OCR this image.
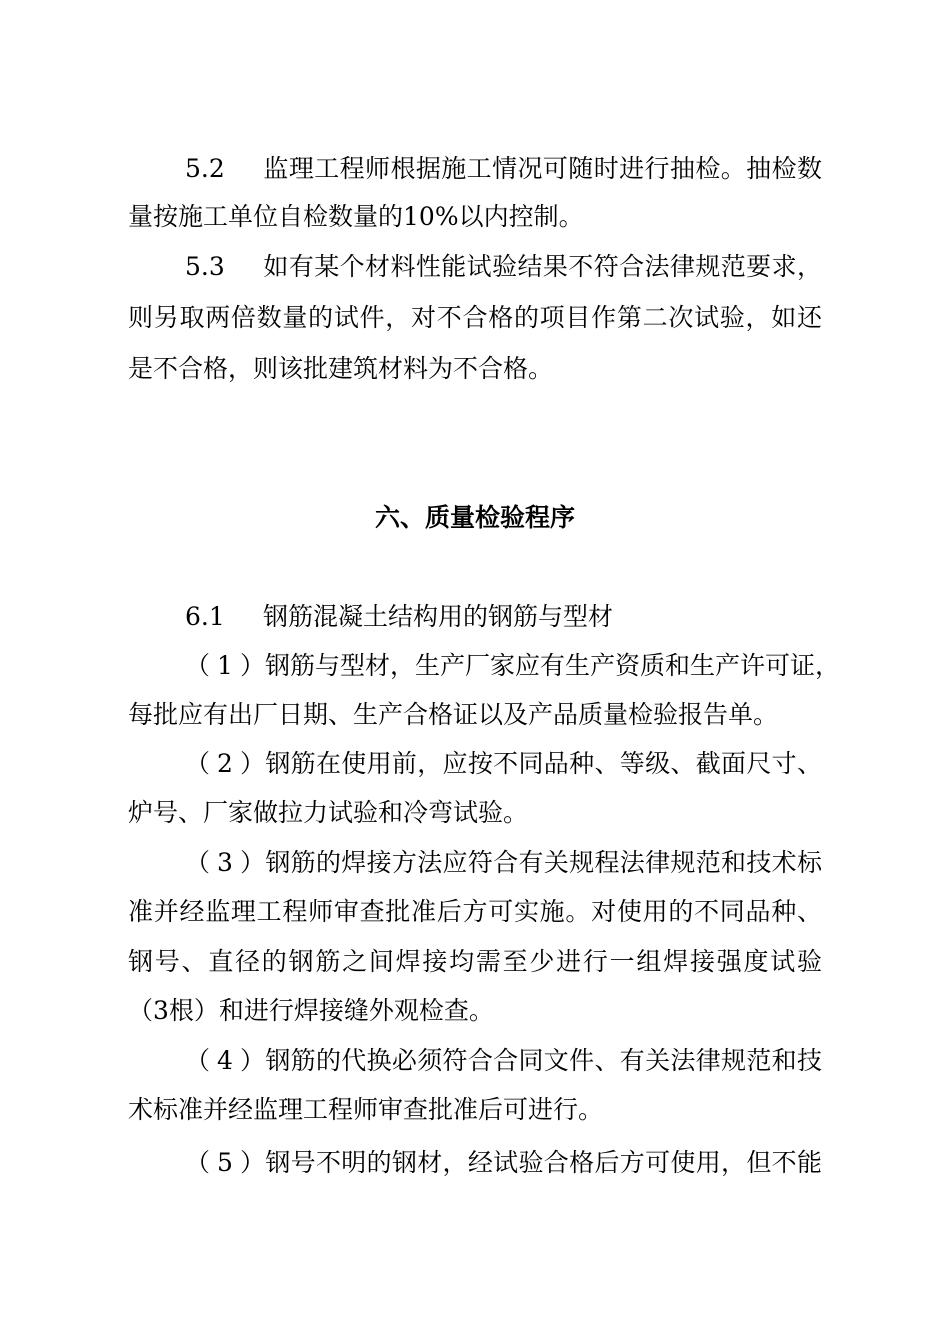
5.2 监理工程师根据施工情况可随时进行抽检。抽检数
量按施工单位自检数量的10%以内控制。
5.3 如有某个材料性能试验结果不符合法律规范要求，
则另取两倍数量的试件，对不合格的项目作第二次试验，如还
是不合格，则该批建筑材料为不合格。
六、质量检验程序
6.1 钢筋混凝土结构用的钢筋与型材
（1）钢筋与型材，生产厂家应有生产资质和生产许可证，
每批应有出厂日期、生产合格证以及产品质量检验报告单。
（2）钢筋在使用前，应按不同品种、等级、截面尺寸、
炉号、厂家做拉力试验和冷弯试验。
（3）钢筋的焊接方法应符合有关规程法律规范和技术标
准并经监理工程师审查批准后方可实施。对使用的不同品种、
钢号、直径的钢筋之间焊接均需至少进行一组焊接强度试验
（3根）和进行焊接缝外观检查。
（4）钢筋的代换必须符合合同文件、有关法律规范和技
术标准并经监理工程师审查批准后可进行。
（5）钢号不明的钢材，经试验合格后方可使用，但不能
